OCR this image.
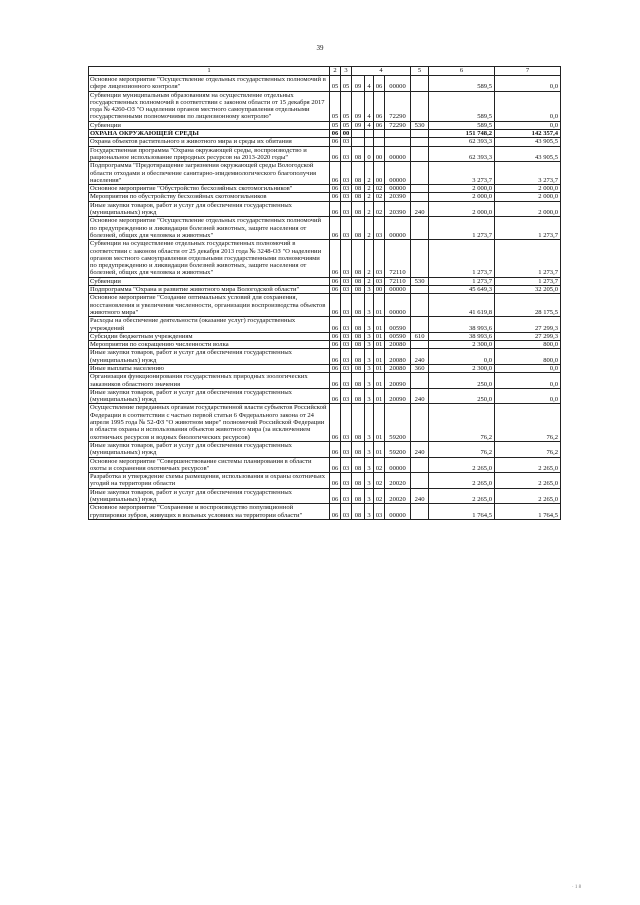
39
1	2	3	4				5	6	7
Основное мероприятие "Осуществление отдельных государственных полномочий в сфере лицензионного контроля"	05	05	09	4	06	00000		589,5	0,0
Субвенции муниципальным образованиям на осуществление отдельных государственных полномочий в соответствии с законом области от 15 декабря 2017 года № 4260-ОЗ "О наделении органов местного самоуправления отдельными государственными полномочиями по лицензионному контролю"	05	05	09	4	06	72290		589,5	0,0
Субвенции	05	05	09	4	06	72290	530	589,5	0,0
ОХРАНА ОКРУЖАЮЩЕЙ СРЕДЫ	06	00						151 748,2	142 357,4
Охрана объектов растительного и животного мира и среды их обитания	06	03						62 393,3	43 905,5
Государственная программа "Охрана окружающей среды, воспроизводство и рациональное использование природных ресурсов на 2013-2020 годы"	06	03	08	0	00	00000		62 393,3	43 905,5
Подпрограмма "Предотвращение загрязнения окружающей среды Вологодской области отходами и обеспечение санитарно-эпидемиологического благополучия населения"	06	03	08	2	00	00000		3 273,7	3 273,7
Основное мероприятие "Обустройство бесхозяйных скотомогильников"	06	03	08	2	02	00000		2 000,0	2 000,0
Мероприятия по обустройству бесхозяйных скотомогильников	06	03	08	2	02	20390		2 000,0	2 000,0
Иные закупки товаров, работ и услуг для обеспечения государственных (муниципальных) нужд	06	03	08	2	02	20390	240	2 000,0	2 000,0
Основное мероприятие "Осуществление отдельных государственных полномочий по предупреждению и ликвидации болезней животных, защите населения от болезней, общих для человека и животных"	06	03	08	2	03	00000		1 273,7	1 273,7
Субвенции на осуществление отдельных государственных полномочий в соответствии с законом области от 25 декабря 2013 года № 3248-ОЗ "О наделении органов местного самоуправления отдельными государственными полномочиями по предупреждению и ликвидации болезней животных, защите населения от болезней, общих для человека и животных"	06	03	08	2	03	72110		1 273,7	1 273,7
Субвенции	06	03	08	2	03	72110	530	1 273,7	1 273,7
Подпрограмма "Охрана и развитие животного мира Вологодской области"	06	03	08	3	00	00000		45 649,3	32 205,0
Основное мероприятие "Создание оптимальных условий для сохранения, восстановления и увеличения численности, организации воспроизводства объектов животного мира"	06	03	08	3	01	00000		41 619,8	28 175,5
Расходы на обеспечение деятельности (оказание услуг) государственных учреждений	06	03	08	3	01	00590		38 993,6	27 299,3
Субсидии бюджетным учреждениям	06	03	08	3	01	00590	610	38 993,6	27 299,3
Мероприятия по сокращению численности волка	06	03	08	3	01	20080		2 300,0	800,0
Иные закупки товаров, работ и услуг для обеспечения государственных (муниципальных) нужд	06	03	08	3	01	20080	240	0,0	800,0
Иные выплаты населению	06	03	08	3	01	20080	360	2 300,0	0,0
Организация функционирования государственных природных зоологических заказников областного значения	06	03	08	3	01	20090		250,0	0,0
Иные закупки товаров, работ и услуг для обеспечения государственных (муниципальных) нужд	06	03	08	3	01	20090	240	250,0	0,0
Осуществление переданных органам государственной власти субъектов Российской Федерации в соответствии с частью первой статьи 6 Федерального закона от 24 апреля 1995 года № 52-ФЗ "О животном мире" полномочий Российской Федерации в области охраны и использования объектов животного мира (за исключением охотничьих ресурсов и водных биологических ресурсов)	06	03	08	3	01	59200		76,2	76,2
Иные закупки товаров, работ и услуг для обеспечения государственных (муниципальных) нужд	06	03	08	3	01	59200	240	76,2	76,2
Основное мероприятие "Совершенствование системы планирования в области охоты и сохранения охотничьих ресурсов"	06	03	08	3	02	00000		2 265,0	2 265,0
Разработка и утверждение схемы размещения, использования и охраны охотничьих угодий на территории области	06	03	08	3	02	20020		2 265,0	2 265,0
Иные закупки товаров, работ и услуг для обеспечения государственных (муниципальных) нужд	06	03	08	3	02	20020	240	2 265,0	2 265,0
Основное мероприятие "Сохранение и воспроизводство популяционной группировки зубров, живущих в вольных условиях на территории области"	06	03	08	3	03	00000		1 764,5	1 764,5
· 1 8
